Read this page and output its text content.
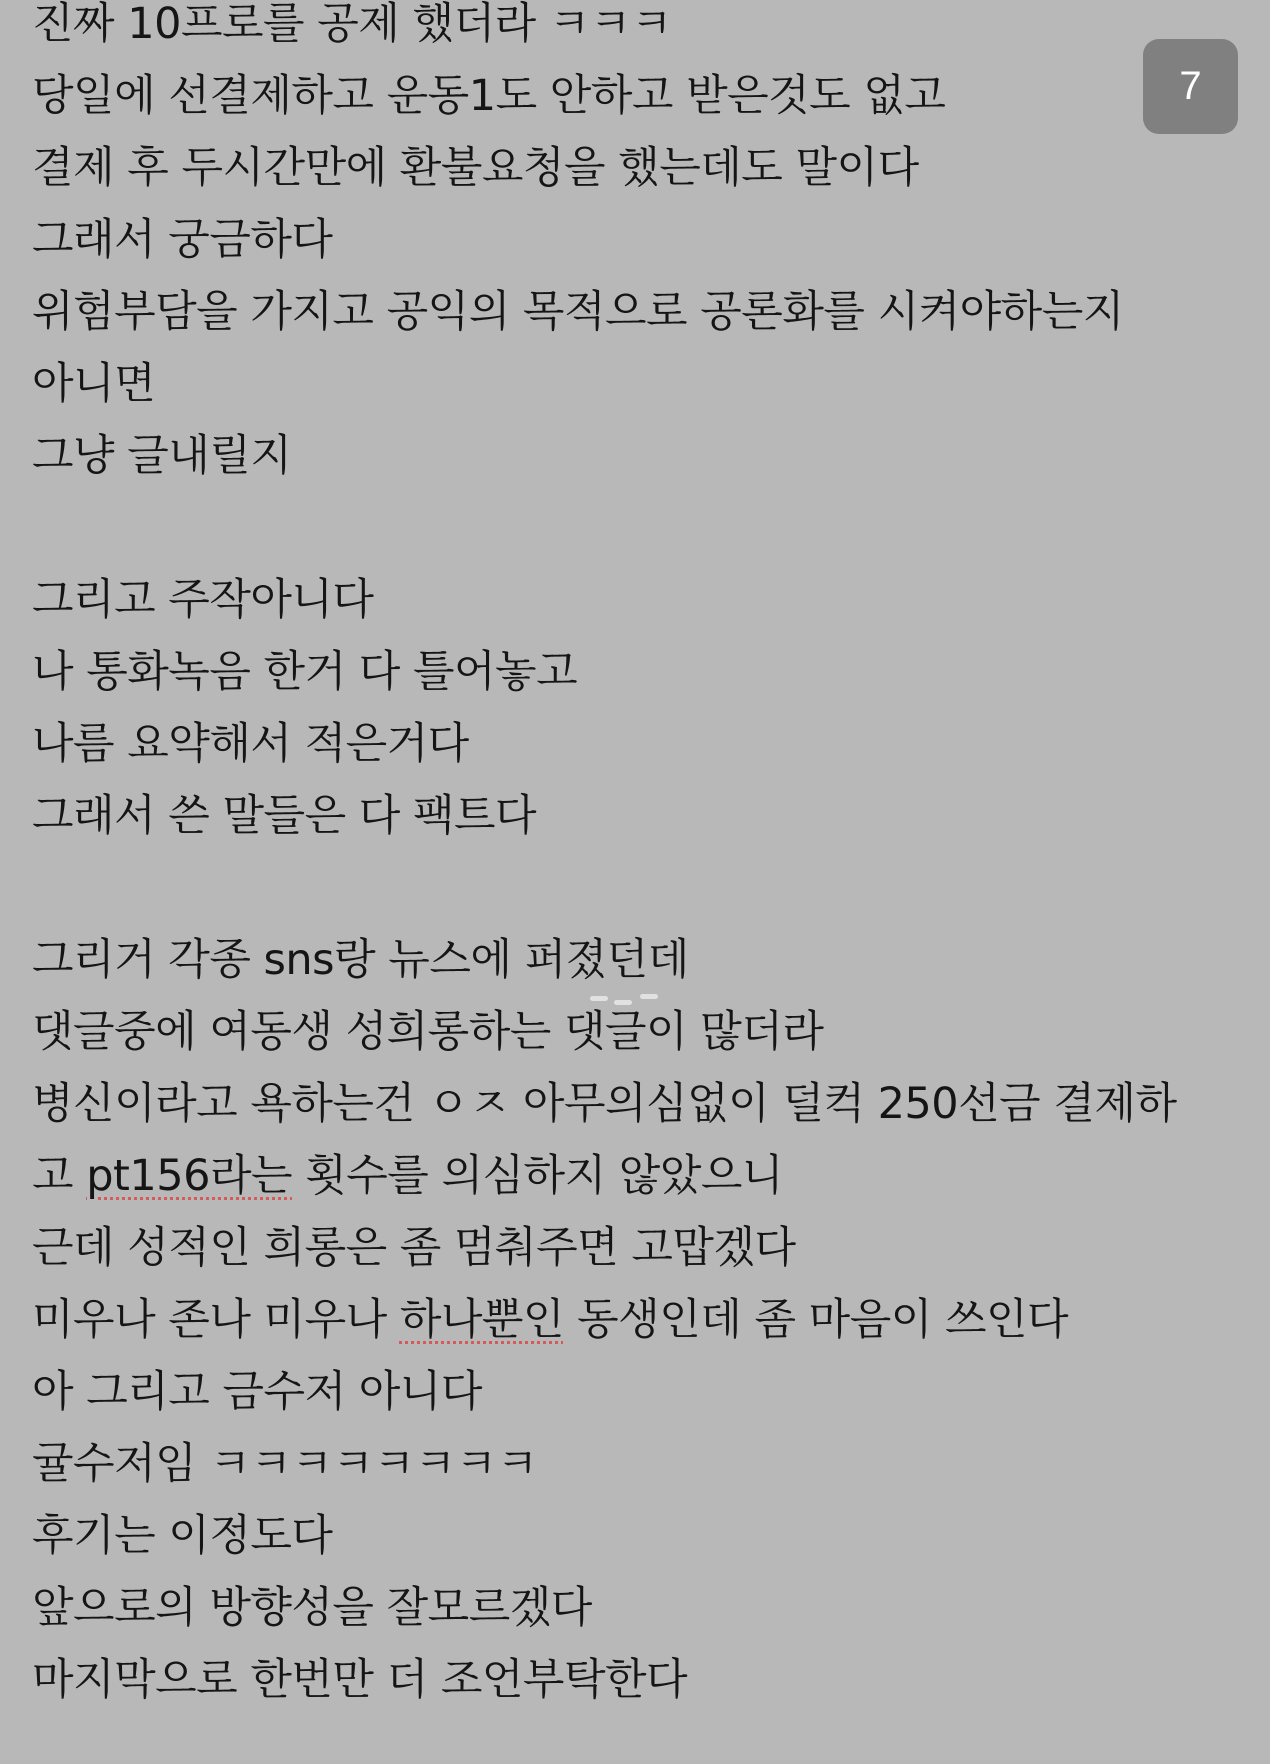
7
진짜 10프로를 공제 했더라 ㅋㅋㅋ
당일에 선결제하고 운동1도 안하고 받은것도 없고
결제 후 두시간만에 환불요청을 했는데도 말이다
그래서 궁금하다
위험부담을 가지고 공익의 목적으로 공론화를 시켜야하는지
아니면
그냥 글내릴지
그리고 주작아니다
나 통화녹음 한거 다 틀어놓고
나름 요약해서 적은거다
그래서 쓴 말들은 다 팩트다
그리거 각종 sns랑 뉴스에 퍼졌던데
댓글중에 여동생 성희롱하는 댓글이 많더라
병신이라고 욕하는건 ㅇㅈ 아무의심없이 덜컥 250선금 결제하
고 pt156라는 횟수를 의심하지 않았으니
근데 성적인 희롱은 좀 멈춰주면 고맙겠다
미우나 존나 미우나 하나뿐인 동생인데 좀 마음이 쓰인다
아 그리고 금수저 아니다
귤수저임 ㅋㅋㅋㅋㅋㅋㅋㅋ
후기는 이정도다
앞으로의 방향성을 잘모르겠다
마지막으로 한번만 더 조언부탁한다
